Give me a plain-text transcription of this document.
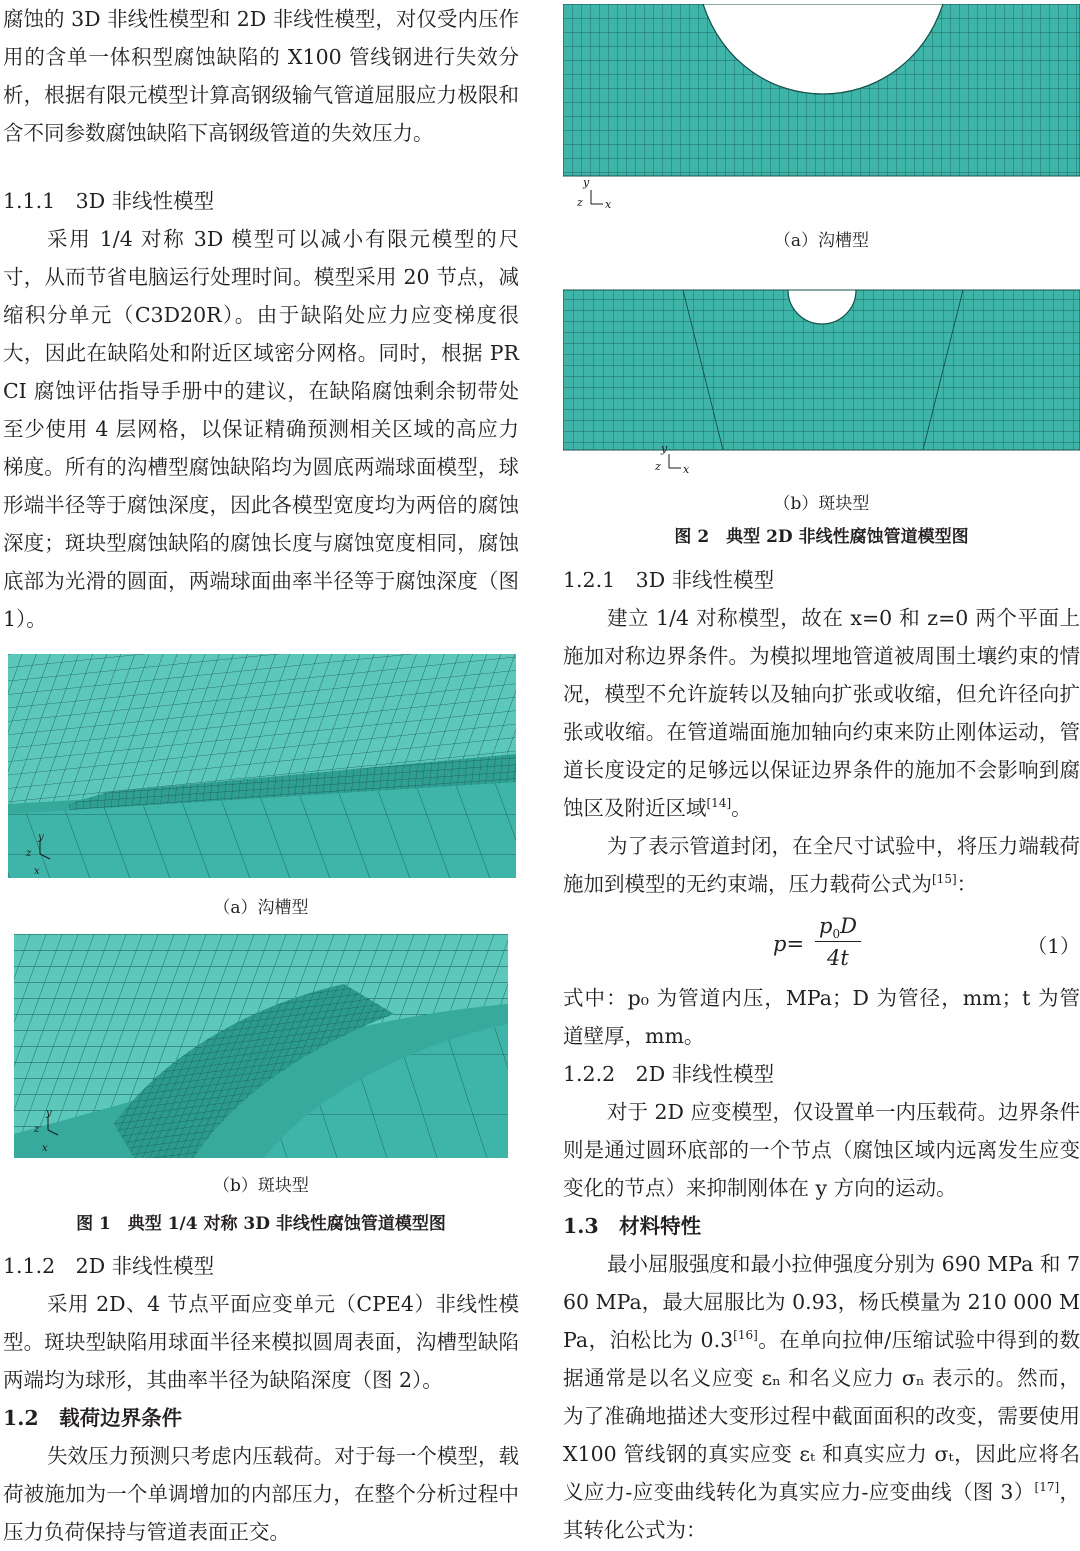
腐蚀的 3D 非线性模型和 2D 非线性模型，对仅受内压作用的含单一体积型腐蚀缺陷的 X100 管线钢进行失效分析，根据有限元模型计算高钢级输气管道屈服应力极限和含不同参数腐蚀缺陷下高钢级管道的失效压力。

1.1.1　3D 非线性模型

采用 1/4 对称 3D 模型可以减小有限元模型的尺寸，从而节省电脑运行处理时间。模型采用 20 节点，减缩积分单元（C3D20R）。由于缺陷处应力应变梯度很大，因此在缺陷处和附近区域密分网格。同时，根据 PRCI 腐蚀评估指导手册中的建议，在缺陷腐蚀剩余韧带处至少使用 4 层网格，以保证精确预测相关区域的高应力梯度。所有的沟槽型腐蚀缺陷均为圆底两端球面模型，球形端半径等于腐蚀深度，因此各模型宽度均为两倍的腐蚀深度；斑块型腐蚀缺陷的腐蚀长度与腐蚀宽度相同，腐蚀底部为光滑的圆面，两端球面曲率半径等于腐蚀深度（图 1）。

y
z
x

（a）沟槽型

y
z
x

（b）斑块型

图 1　典型 1/4 对称 3D 非线性腐蚀管道模型图

1.1.2　2D 非线性模型

采用 2D、4 节点平面应变单元（CPE4）非线性模型。斑块型缺陷用球面半径来模拟圆周表面，沟槽型缺陷两端均为球形，其曲率半径为缺陷深度（图 2）。

1.2　载荷边界条件

失效压力预测只考虑内压载荷。对于每一个模型，载荷被施加为一个单调增加的内部压力，在整个分析过程中压力负荷保持与管道表面正交。

y
z x

（a）沟槽型

y
z x

（b）斑块型

图 2　典型 2D 非线性腐蚀管道模型图

1.2.1　3D 非线性模型

建立 1/4 对称模型，故在 x=0 和 z=0 两个平面上施加对称边界条件。为模拟埋地管道被周围土壤约束的情况，模型不允许旋转以及轴向扩张或收缩，但允许径向扩张或收缩。在管道端面施加轴向约束来防止刚体运动，管道长度设定的足够远以保证边界条件的施加不会影响到腐蚀区及附近区域[14]。

为了表示管道封闭，在全尺寸试验中，将压力端载荷施加到模型的无约束端，压力载荷公式为[15]：

p=
$p_0D$
4t	（1）

式中：p₀ 为管道内压，MPa；D 为管径，mm；t 为管道壁厚，mm。

1.2.2　2D 非线性模型

对于 2D 应变模型，仅设置单一内压载荷。边界条件则是通过圆环底部的一个节点（腐蚀区域内远离发生应变变化的节点）来抑制刚体在 y 方向的运动。

1.3　材料特性

最小屈服强度和最小拉伸强度分别为 690 MPa 和 760 MPa，最大屈服比为 0.93，杨氏模量为 210 000 MPa，泊松比为 0.3[16]。在单向拉伸/压缩试验中得到的数据通常是以名义应变 εₙ 和名义应力 σₙ 表示的。然而，为了准确地描述大变形过程中截面面积的改变，需要使用 X100 管线钢的真实应变 εₜ 和真实应力 σₜ，因此应将名义应力-应变曲线转化为真实应力-应变曲线（图 3）[17]，其转化公式为：
